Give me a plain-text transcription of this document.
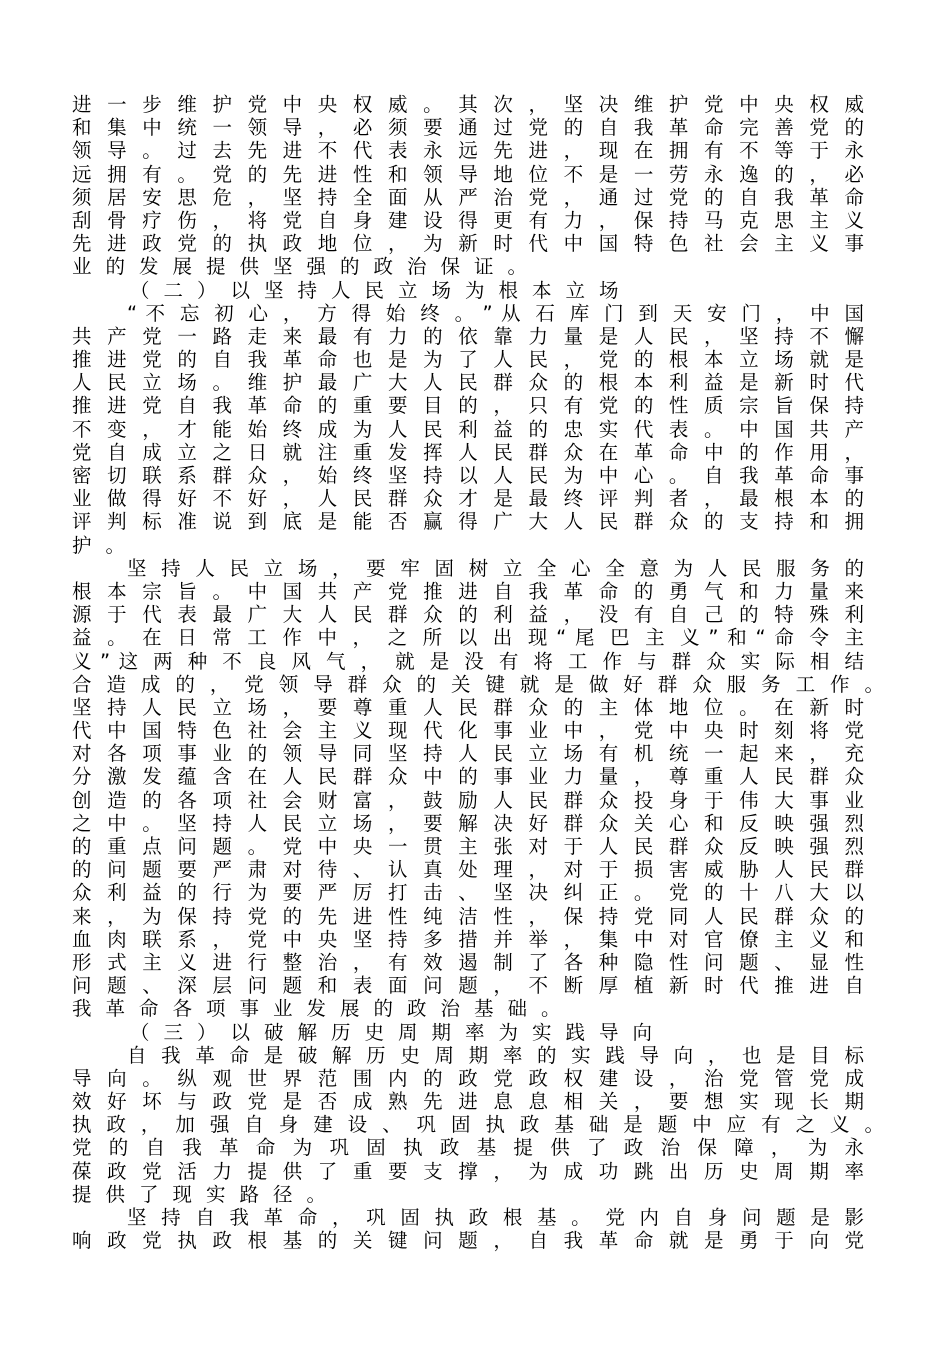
进 一 步 维 护 党 中 央 权 威 。 其 次 ， 坚 决 维 护 党 中 央 权 威
和 集 中 统 一 领 导 ， 必 须 要 通 过 党 的 自 我 革 命 完 善 党 的
领 导 。 过 去 先 进 不 代 表 永 远 先 进 ， 现 在 拥 有 不 等 于 永
远 拥 有 。 党 的 先 进 性 和 领 导 地 位 不 是 一 劳 永 逸 的 ， 必
须 居 安 思 危 ， 坚 持 全 面 从 严 治 党 ， 通 过 党 的 自 我 革 命
刮 骨 疗 伤 ， 将 党 自 身 建 设 得 更 有 力 ， 保 持 马 克 思 主 义
先 进 政 党 的 执 政 地 位 ， 为 新 时 代 中 国 特 色 社 会 主 义 事
业的发展提供坚强的政治保证。
（二）以坚持人民立场为根本立场
“ 不 忘 初 心 ， 方 得 始 终 。 ” 从 石 库 门 到 天 安 门 ， 中 国
共 产 党 一 路 走 来 最 有 力 的 依 靠 力 量 是 人 民 ， 坚 持 不 懈
推 进 党 的 自 我 革 命 也 是 为 了 人 民 ， 党 的 根 本 立 场 就 是
人 民 立 场 。 维 护 最 广 大 人 民 群 众 的 根 本 利 益 是 新 时 代
推 进 党 自 我 革 命 的 重 要 目 的 ， 只 有 党 的 性 质 宗 旨 保 持
不 变 ， 才 能 始 终 成 为 人 民 利 益 的 忠 实 代 表 。 中 国 共 产
党 自 成 立 之 日 就 注 重 发 挥 人 民 群 众 在 革 命 中 的 作 用 ，
密 切 联 系 群 众 ， 始 终 坚 持 以 人 民 为 中 心 。 自 我 革 命 事
业 做 得 好 不 好 ， 人 民 群 众 才 是 最 终 评 判 者 ， 最 根 本 的
评 判 标 准 说 到 底 是 能 否 赢 得 广 大 人 民 群 众 的 支 持 和 拥
护。
坚 持 人 民 立 场 ， 要 牢 固 树 立 全 心 全 意 为 人 民 服 务 的
根 本 宗 旨 。 中 国 共 产 党 推 进 自 我 革 命 的 勇 气 和 力 量 来
源 于 代 表 最 广 大 人 民 群 众 的 利 益 ， 没 有 自 己 的 特 殊 利
益 。 在 日 常 工 作 中 ， 之 所 以 出 现 “ 尾 巴 主 义 ” 和 “ 命 令 主
义 ” 这 两 种 不 良 风 气 ， 就 是 没 有 将 工 作 与 群 众 实 际 相 结
合 造 成 的 ， 党 领 导 群 众 的 关 键 就 是 做 好 群 众 服 务 工 作 。
坚 持 人 民 立 场 ， 要 尊 重 人 民 群 众 的 主 体 地 位 。 在 新 时
代 中 国 特 色 社 会 主 义 现 代 化 事 业 中 ， 党 中 央 时 刻 将 党
对 各 项 事 业 的 领 导 同 坚 持 人 民 立 场 有 机 统 一 起 来 ， 充
分 激 发 蕴 含 在 人 民 群 众 中 的 事 业 力 量 ， 尊 重 人 民 群 众
创 造 的 各 项 社 会 财 富 ， 鼓 励 人 民 群 众 投 身 于 伟 大 事 业
之 中 。 坚 持 人 民 立 场 ， 要 解 决 好 群 众 关 心 和 反 映 强 烈
的 重 点 问 题 。 党 中 央 一 贯 主 张 对 于 人 民 群 众 反 映 强 烈
的 问 题 要 严 肃 对 待 、 认 真 处 理 ， 对 于 损 害 威 胁 人 民 群
众 利 益 的 行 为 要 严 厉 打 击 、 坚 决 纠 正 。 党 的 十 八 大 以
来 ， 为 保 持 党 的 先 进 性 纯 洁 性 ， 保 持 党 同 人 民 群 众 的
血 肉 联 系 ， 党 中 央 坚 持 多 措 并 举 ， 集 中 对 官 僚 主 义 和
形 式 主 义 进 行 整 治 ， 有 效 遏 制 了 各 种 隐 性 问 题 、 显 性
问 题 、 深 层 问 题 和 表 面 问 题 ， 不 断 厚 植 新 时 代 推 进 自
我革命各项事业发展的政治基础。
（三）以破解历史周期率为实践导向
自 我 革 命 是 破 解 历 史 周 期 率 的 实 践 导 向 ， 也 是 目 标
导 向 。 纵 观 世 界 范 围 内 的 政 党 政 权 建 设 ， 治 党 管 党 成
效 好 坏 与 政 党 是 否 成 熟 先 进 息 息 相 关 ， 要 想 实 现 长 期
执 政 ， 加 强 自 身 建 设 、 巩 固 执 政 基 础 是 题 中 应 有 之 义 。
党 的 自 我 革 命 为 巩 固 执 政 基 提 供 了 政 治 保 障 ， 为 永
葆 政 党 活 力 提 供 了 重 要 支 撑 ， 为 成 功 跳 出 历 史 周 期 率
提供了现实路径。
坚 持 自 我 革 命 ， 巩 固 执 政 根 基 。 党 内 自 身 问 题 是 影
响 政 党 执 政 根 基 的 关 键 问 题 ， 自 我 革 命 就 是 勇 于 向 党
